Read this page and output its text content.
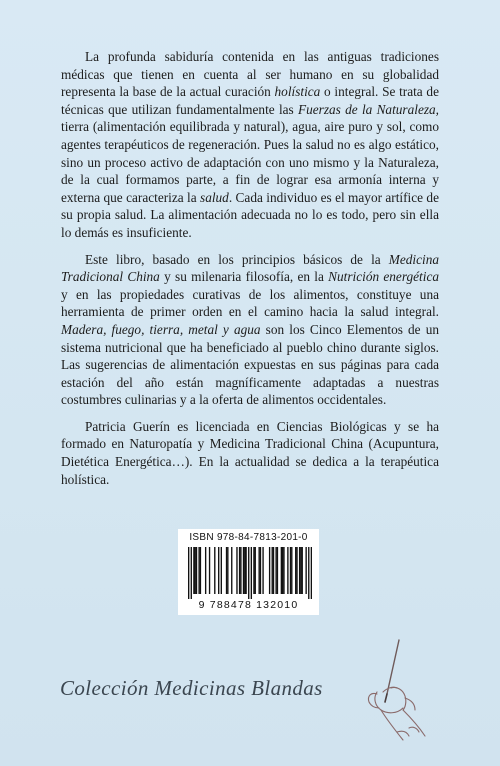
La profunda sabiduría contenida en las antiguas tradiciones médicas que tienen en cuenta al ser humano en su globalidad representa la base de la actual curación holística o integral. Se trata de técnicas que utilizan fundamentalmente las Fuerzas de la Naturaleza, tierra (alimentación equilibrada y natural), agua, aire puro y sol, como agentes terapéuticos de regeneración. Pues la salud no es algo estático, sino un proceso activo de adaptación con uno mismo y la Naturaleza, de la cual formamos parte, a fin de lograr esa armonía interna y externa que caracteriza la salud. Cada individuo es el mayor artífice de su propia salud. La alimentación adecuada no lo es todo, pero sin ella lo demás es insuficiente.

Este libro, basado en los principios básicos de la Medicina Tradicional China y su milenaria filosofía, en la Nutrición energética y en las propiedades curativas de los alimentos, constituye una herramienta de primer orden en el camino hacia la salud integral. Madera, fuego, tierra, metal y agua son los Cinco Elementos de un sistema nutricional que ha beneficiado al pueblo chino durante siglos. Las sugerencias de alimentación expuestas en sus páginas para cada estación del año están magníficamente adaptadas a nuestras costumbres culinarias y a la oferta de alimentos occidentales.

Patricia Guerín es licenciada en Ciencias Biológicas y se ha formado en Naturopatía y Medicina Tradicional China (Acupuntura, Dietética Energética…). En la actualidad se dedica a la terapéutica holística.

ISBN 978-84-7813-201-0
9 788478 132010
Colección Medicinas Blandas
